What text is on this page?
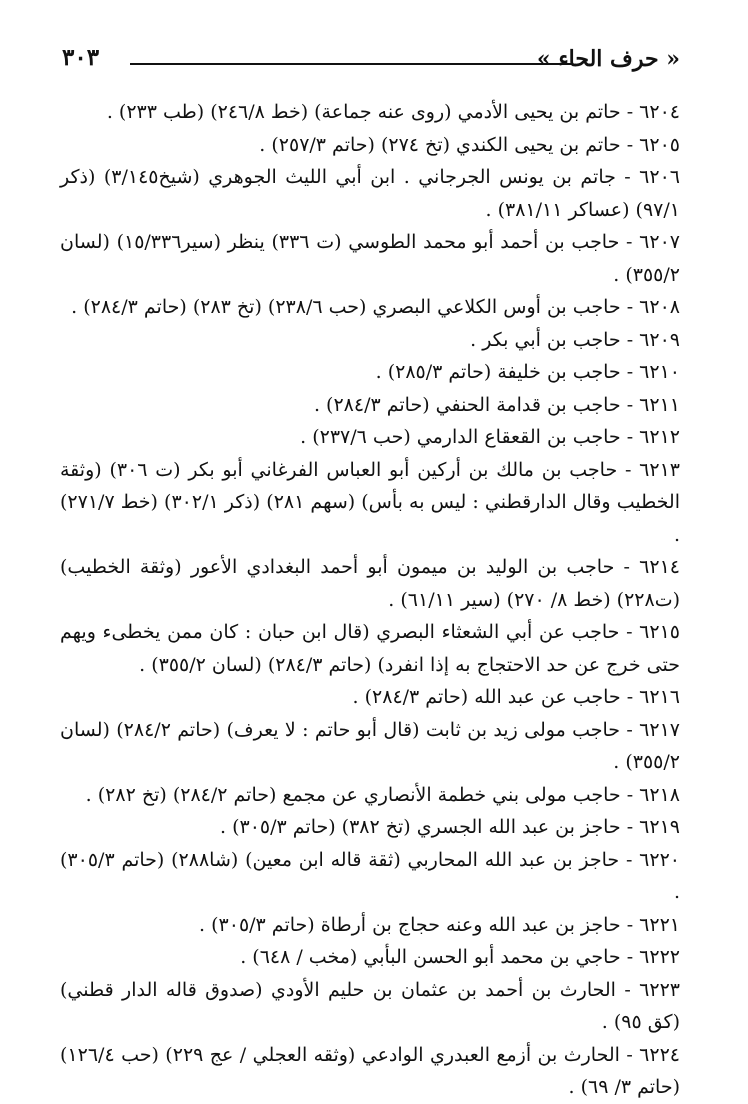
« حرف الحاء »
٣٠٣
٦٢٠٤ - حاتم بن يحيى الأدمي (روى عنه جماعة) (خط ٢٤٦/٨) (طب ٢٣٣) .
٦٢٠٥ - حاتم بن يحيى الكندي (تخ ٢٧٤) (حاتم ٢٥٧/٣) .
٦٢٠٦ - جاتم بن يونس الجرجاني . ابن أبي الليث الجوهري (شيخ٣/١٤٥) (ذكر ٩٧/١) (عساكر ٣٨١/١١) .
٦٢٠٧ - حاجب بن أحمد أبو محمد الطوسي (ت ٣٣٦) ينظر (سير١٥/٣٣٦) (لسان ٣٥٥/٢) .
٦٢٠٨ - حاجب بن أوس الكلاعي البصري (حب ٢٣٨/٦) (تخ ٢٨٣) (حاتم ٢٨٤/٣) .
٦٢٠٩ - حاجب بن أبي بكر .
٦٢١٠ - حاجب بن خليفة (حاتم ٢٨٥/٣) .
٦٢١١ - حاجب بن قدامة الحنفي (حاتم ٢٨٤/٣) .
٦٢١٢ - حاجب بن القعقاع الدارمي (حب ٢٣٧/٦) .
٦٢١٣ - حاجب بن مالك بن أركين أبو العباس الفرغاني أبو بكر (ت ٣٠٦) (وثقة الخطيب وقال الدارقطني : ليس به بأس) (سهم ٢٨١) (ذكر ٣٠٢/١) (خط ٢٧١/٧) .
٦٢١٤ - حاجب بن الوليد بن ميمون أبو أحمد البغدادي الأعور (وثقة الخطيب) (ت٢٢٨) (خط ٨/ ٢٧٠) (سير ٦١/١١) .
٦٢١٥ - حاجب عن أبي الشعثاء البصري (قال ابن حبان : كان ممن يخطىء ويهم حتى خرج عن حد الاحتجاج به إذا انفرد) (حاتم ٢٨٤/٣) (لسان ٣٥٥/٢) .
٦٢١٦ - حاجب عن عبد الله (حاتم ٢٨٤/٣) .
٦٢١٧ - حاجب مولى زيد بن ثابت (قال أبو حاتم : لا يعرف) (حاتم ٢٨٤/٢) (لسان ٣٥٥/٢) .
٦٢١٨ - حاجب مولى بني خطمة الأنصاري عن مجمع (حاتم ٢٨٤/٢) (تخ ٢٨٢) .
٦٢١٩ - حاجز بن عبد الله الجسري (تخ ٣٨٢) (حاتم ٣٠٥/٣) .
٦٢٢٠ - حاجز بن عبد الله المحاربي (ثقة قاله ابن معين) (شا٢٨٨) (حاتم ٣٠٥/٣) .
٦٢٢١ - حاجز بن عبد الله وعنه حجاج بن أرطاة (حاتم ٣٠٥/٣) .
٦٢٢٢ - حاجي بن محمد أبو الحسن البأبي (مخب / ٦٤٨) .
٦٢٢٣ - الحارث بن أحمد بن عثمان بن حليم الأودي (صدوق قاله الدار قطني) (كق ٩٥) .
٦٢٢٤ - الحارث بن أزمع العبدري الوادعي (وثقه العجلي / عج ٢٢٩) (حب ١٢٦/٤) (حاتم ٣/ ٦٩) .
